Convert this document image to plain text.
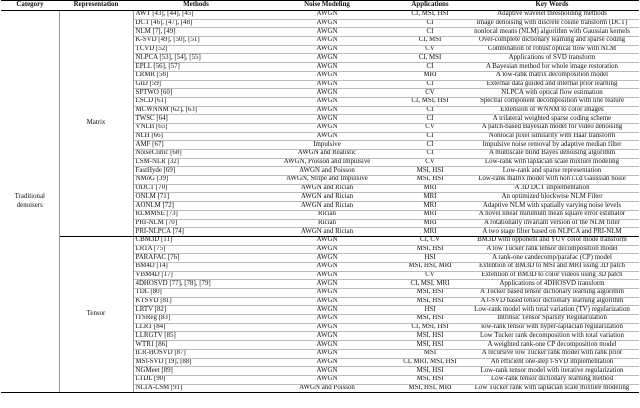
Category	Representation	Methods	Noise Modeling	Applications	Key Words
Traditional denoisers	Matrix	AWT [43], [44], [45]	AWGN	CI, MSI, HSI	Adaptive wavelet thresholding methods
		DCT [46], [47], [48]	AWGN	CI	Image denoising with discrete cosine transform (DCT)
		NLM [7], [49]	AWGN	CI	nonlocal means (NLM) algorithm with Gaussian kernels
		K-SVD [49], [50], [51]	AWGN	CI, MSI	Over-complete dictionary learning and sparse coding
		TCVD [52]	AWGN	CV	Combination of robust optical flow with NLM
		NLPCA [53], [54], [55]	AWGN	CI, MSI	Applications of SVD transform
		EPLL [56], [57]	AWGN	CI	A Bayesian method for whole image restoration
		LRMR [58]	AWGN	MRI	A low-rank matrix decomposition model
		GID [59]	AWGN	CI	External data guided and internal prior learning
		SPTWO [60]	AWGN	CV	NLPCA with optical flow estimation
		LSCD [61]	AWGN	CI, MSI, HSI	Spectral component decomposition with line feature
		MCWNNM [62], [63]	AWGN	CI	Extension of WNNM to color images
		TWSC [64]	AWGN	CI	A trilateral weighted sparse coding scheme
		VNLB [65]	AWGN	CV	A patch-based Bayesian model for video denoising
		NLH [66]	AWGN	CI	Nonlocal pixel similarity with Haar transform
		AMF [67]	Impulsive	CI	Impulsive noise removal by adaptive median filter
		NoiseClinic [68]	AWGN and Realistic	CI	A multiscale blind Bayes denoising algorithm
		LSM-NLR [32]	AWGN, Poisson and Impulsive	CV	Low-rank with laplacian scale mixture modeling
		FastHyde [69]	AWGN and Poisson	MSI, HSI	Low-rank and sparse representation
		NMoG [39]	AWGN, Stripe and Impulsive	MSI, HSI	Low-rank matrix model with non i.i.d Gaussian noise
		ODCT [70]	AWGN and Rician	MRI	A 3D DCT implementation
		ONLM [71]	AWGN and Rician	MRI	An optimized blockwise NLM Filter
		AONLM [72]	AWGN and Rician	MRI	Adaptive NLM with spatially varying noise levels
		RLMMSE [73]	Rician	MRI	A novel linear minimum mean square error estimator
		PRI-NLM [70]	Rician	MRI	A rotationally invariant version of the NLM filter
		PRI-NLPCA [74]	AWGN and Rician	MRI	A two stage filter based on NLPCA and PRI-NLM
	Tensor	CBM3D [11]	AWGN	CI, CV	BM3D with opponent and YUV color mode transform
		LRTA [75]	AWGN	MSI, HSI	A low Tucker rank tensor decomposition model
		PARAFAC [76]	AWGN	HSI	A rank-one candecomp/parafac (CP) model
		BM4D [14]	AWGN	MSI, HSI, MRI	Extention of BM3D to MSI and MRI using 3D patch
		VBM4D [17]	AWGN	CV	Extention of BM3D to color videos using 3D patch
		4DHOSVD [77], [78], [79]	AWGN	CI, MSI, MRI	Applications of 4DHOSVD transform
		TDL [80]	AWGN	MSI, HSI	A Tucker based tensor dictionary learning algorithm
		KTSVD [81]	AWGN	MSI, HSI	A t-SVD based tensor dictionary learning algorithm
		LRTV [82]	AWGN	HSI	Low-rank model with total variation (TV) regularization
		ITSReg [83]	AWGN	MSI, HSI	Intrinsic Tensor Sparsity Regularization
		LLRT [84]	AWGN	CI, MSI, HSI	low-rank tensor with hyper-laplacian regularization
		LLRGTV [85]	AWGN	MSI, HSI	Low Tucker rank decomposition with total variation
		WTR1 [86]	AWGN	MSI, HSI	A weighted rank-one CP decomposition model
		ILR-HOSVD [87]	AWGN	MSI	A recursive low Tucker rank model with rank prior
		MSt-SVD [19], [88]	AWGN	CI, MRI, MSI, HSI	An efficient one-step t-SVD implementation
		NGMeet [89]	AWGN	MSI, HSI	Low-rank tensor model with iterative regularization
		LTDL [90]	AWGN	MSI, HSI	Low-rank tensor dictionary learning method
		NLTA-LSM [91]	AWGN and Poisson	MSI, HSI, MRI	Low Tucker rank with laplacian scale mixture modeling
